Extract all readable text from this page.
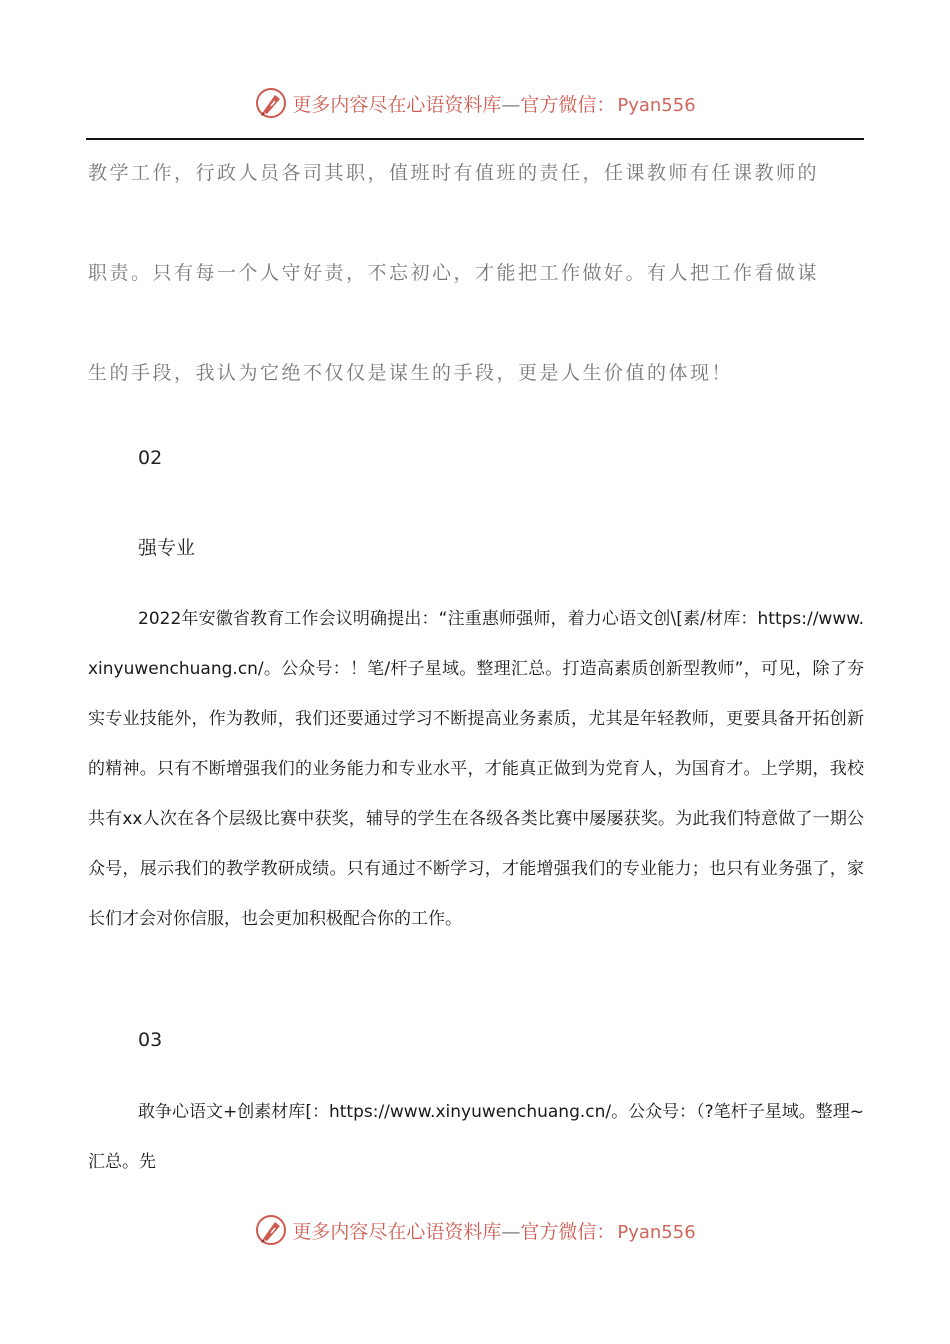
更多内容尽在心语资料库—官方微信： Pyan556
教学工作，行政人员各司其职，值班时有值班的责任，任课教师有任课教师的
职责。只有每一个人守好责，不忘初心，才能把工作做好。有人把工作看做谋
生的手段，我认为它绝不仅仅是谋生的手段，更是人生价值的体现！
02
强专业

2022年安徽省教育工作会议明确提出：“注重惠师强师，着力心语文创\[素/材库：https://www.xinyuwenchuang.cn/。公众号：！笔/杆子星域。整理汇总。打造高素质创新型教师”，可见，除了夯实专业技能外，作为教师，我们还要通过学习不断提高业务素质，尤其是年轻教师，更要具备开拓创新的精神。只有不断增强我们的业务能力和专业水平，才能真正做到为党育人，为国育才。上学期，我校共有xx人次在各个层级比赛中获奖，辅导的学生在各级各类比赛中屡屡获奖。为此我们特意做了一期公众号，展示我们的教学教研成绩。只有通过不断学习，才能增强我们的专业能力；也只有业务强了，家长们才会对你信服，也会更加积极配合你的工作。

03

敢争心语文+创素材库[：https://www.xinyuwenchuang.cn/。公众号：（?笔杆子星域。整理~汇总。先

更多内容尽在心语资料库—官方微信： Pyan556
